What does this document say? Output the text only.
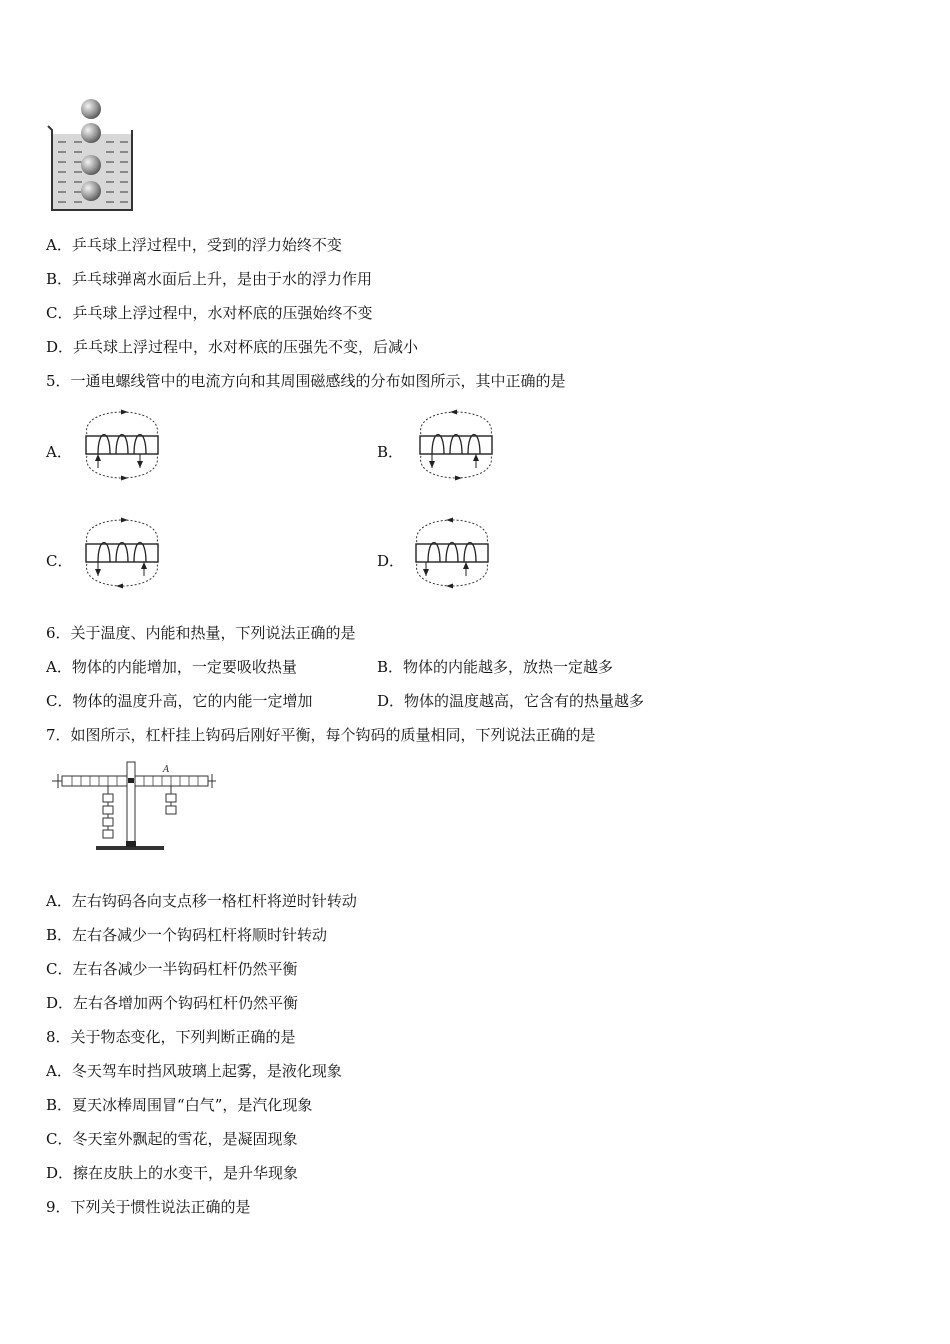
A．乒乓球上浮过程中，受到的浮力始终不变
B．乒乓球弹离水面后上升，是由于水的浮力作用
C．乒乓球上浮过程中，水对杯底的压强始终不变
D．乒乓球上浮过程中，水对杯底的压强先不变，后减小
5．一通电螺线管中的电流方向和其周围磁感线的分布如图所示，其中正确的是
A．	B．
C．	D．
6．关于温度、内能和热量，下列说法正确的是
A．物体的内能增加，一定要吸收热量	B．物体的内能越多，放热一定越多
C．物体的温度升高，它的内能一定增加	D．物体的温度越高，它含有的热量越多
7．如图所示，杠杆挂上钩码后刚好平衡，每个钩码的质量相同，下列说法正确的是
A
A．左右钩码各向支点移一格杠杆将逆时针转动
B．左右各减少一个钩码杠杆将顺时针转动
C．左右各减少一半钩码杠杆仍然平衡
D．左右各增加两个钩码杠杆仍然平衡
8．关于物态变化，下列判断正确的是
A．冬天驾车时挡风玻璃上起雾，是液化现象
B．夏天冰棒周围冒“白气”，是汽化现象
C．冬天室外飘起的雪花，是凝固现象
D．擦在皮肤上的水变干，是升华现象
9．下列关于惯性说法正确的是
